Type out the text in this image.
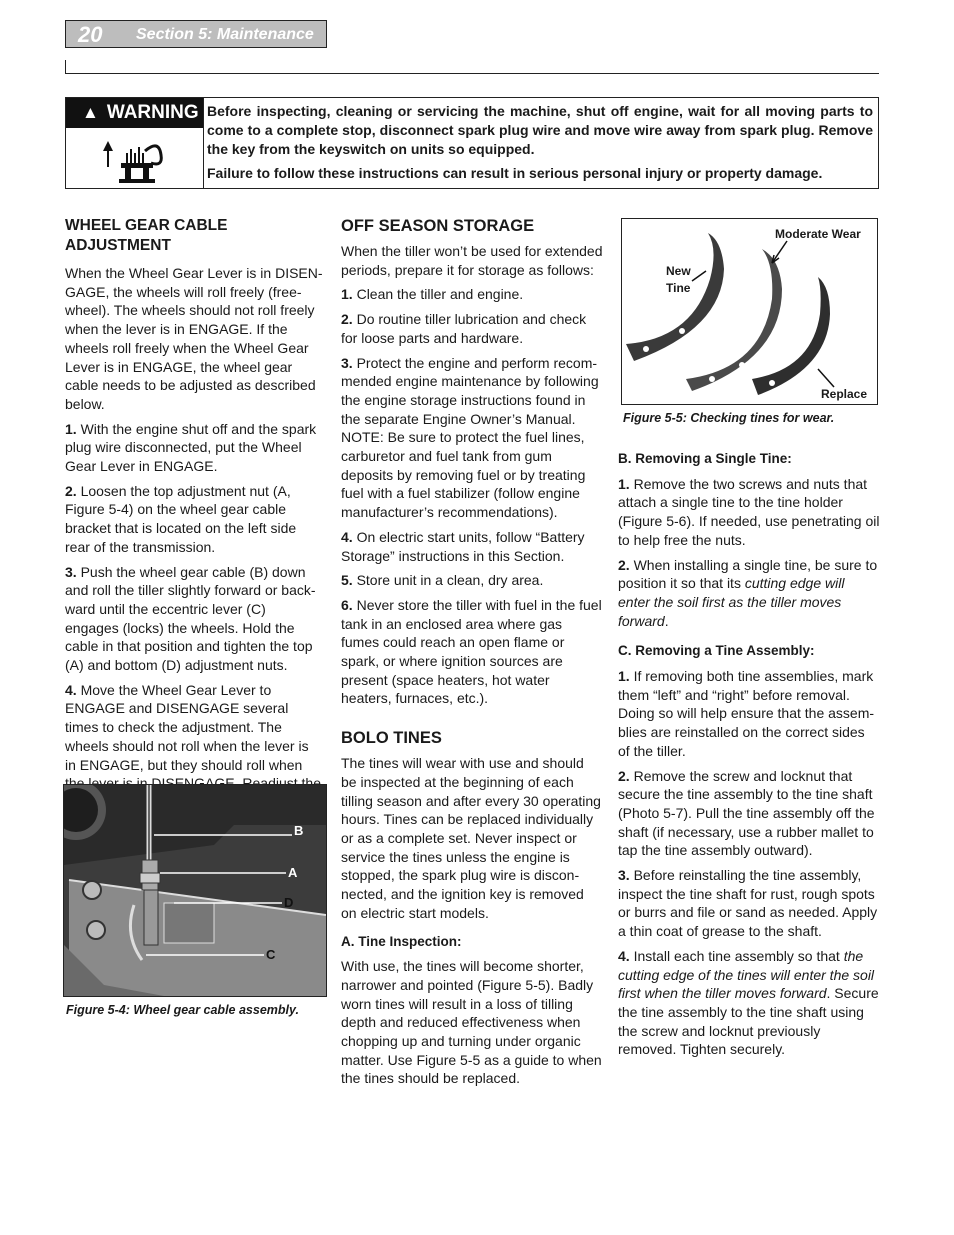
20 Section 5: Maintenance
▲ WARNING Before inspecting, cleaning or servicing the machine, shut off engine, wait for all moving parts to come to a complete stop, disconnect spark plug wire and move wire away from spark plug. Remove the key from the keyswitch on units so equipped.

Failure to follow these instructions can result in serious personal injury or property damage.

WHEEL GEAR CABLE ADJUSTMENT

When the Wheel Gear Lever is in DISEN-GAGE, the wheels will roll freely (free-wheel). The wheels should not roll freely when the lever is in ENGAGE. If the wheels roll freely when the Wheel Gear Lever is in ENGAGE, the wheel gear cable needs to be adjusted as described below.

1. With the engine shut off and the spark plug wire disconnected, put the Wheel Gear Lever in ENGAGE.

2. Loosen the top adjustment nut (A, Figure 5-4) on the wheel gear cable bracket that is located on the left side rear of the transmission.

3. Push the wheel gear cable (B) down and roll the tiller slightly forward or back-ward until the eccentric lever (C) engages (locks) the wheels. Hold the cable in that position and tighten the top (A) and bottom (D) adjustment nuts.

4. Move the Wheel Gear Lever to ENGAGE and DISENGAGE several times to check the adjustment. The wheels should not roll when the lever is in ENGAGE, but they should roll when

B
A
D
C
Figure 5-4: Wheel gear cable assembly.
OFF SEASON STORAGE

When the tiller won’t be used for extended periods, prepare it for storage as follows:

1. Clean the tiller and engine.

2. Do routine tiller lubrication and check for loose parts and hardware.

3. Protect the engine and perform recom-mended engine maintenance by following the engine storage instructions found in the separate Engine Owner’s Manual. NOTE: Be sure to protect the fuel lines, carburetor and fuel tank from gum deposits by removing fuel or by treating fuel with a fuel stabilizer (follow engine manufacturer’s recommendations).

4. On electric start units, follow “Battery Storage” instructions in this Section.

5. Store unit in a clean, dry area.

6. Never store the tiller with fuel in the fuel tank in an enclosed area where gas fumes could reach an open flame or spark, or where ignition sources are present (space heaters, hot water heaters, furnaces, etc.).

BOLO TINES

The tines will wear with use and should be inspected at the beginning of each tilling season and after every 30 operating hours. Tines can be replaced individually or as a complete set. Never inspect or service the tines unless the engine is stopped, the spark plug wire is discon-nected, and the ignition key is removed on electric start models.

A. Tine Inspection:

With use, the tines will become shorter, narrower and pointed (Figure 5-5). Badly worn tines will result in a loss of tilling depth and reduced effectiveness when chopping up and turning under organic matter. Use Figure 5-5 as a guide to when the tines should be replaced.

Moderate Wear
New
Tine
Replace
Figure 5-5: Checking tines for wear.
B. Removing a Single Tine:

1. Remove the two screws and nuts that attach a single tine to the tine holder (Figure 5-6). If needed, use penetrating oil to help free the nuts.

2. When installing a single tine, be sure to position it so that its cutting edge will enter the soil first as the tiller moves forward.

C. Removing a Tine Assembly:

1. If removing both tine assemblies, mark them “left” and “right” before removal. Doing so will help ensure that the assem-blies are reinstalled on the correct sides of the tiller.

2. Remove the screw and locknut that secure the tine assembly to the tine shaft (Photo 5-7). Pull the tine assembly off the shaft (if necessary, use a rubber mallet to tap the tine assembly outward).

3. Before reinstalling the tine assembly, inspect the tine shaft for rust, rough spots or burrs and file or sand as needed. Apply a thin coat of grease to the shaft.

4. Install each tine assembly so that the cutting edge of the tines will enter the soil first when the tiller moves forward. Secure the tine assembly to the tine shaft using the screw and locknut previously removed. Tighten securely.
